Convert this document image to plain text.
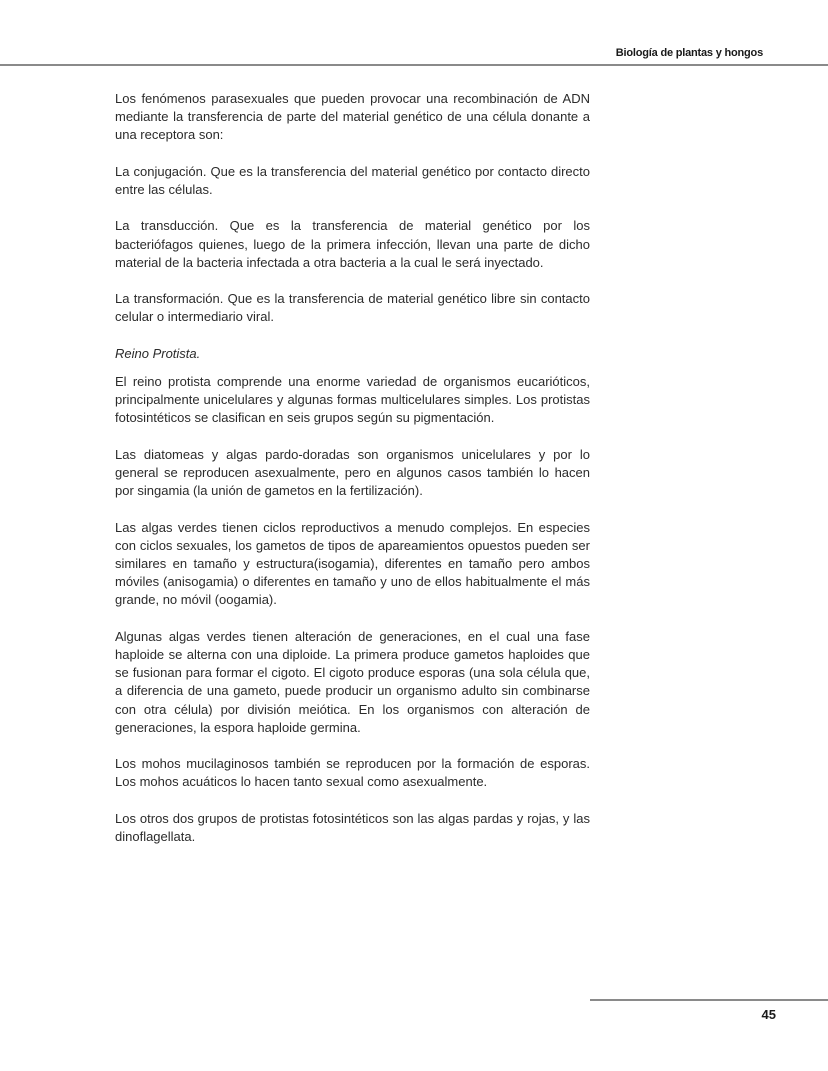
Biología de plantas y hongos

Los fenómenos parasexuales que pueden provocar una recombinación de ADN mediante la transferencia de parte del material genético de una célula donante a una receptora son:

La conjugación. Que es la transferencia del material genético por contacto directo entre las células.

La transducción. Que es la transferencia de material genético por los bacteriófagos quienes, luego de la primera infección, llevan una parte de dicho material de la bacteria infectada a otra bacteria a la cual le será inyectado.

La transformación. Que es la transferencia de material genético libre sin contacto celular o intermediario viral.

Reino Protista.

El reino protista comprende una enorme variedad de organismos eucarióticos, principalmente unicelulares y algunas formas multicelulares simples. Los protistas fotosintéticos se clasifican en seis grupos según su pigmentación.

Las diatomeas y algas pardo-doradas son organismos unicelulares y por lo general se reproducen asexualmente, pero en algunos casos también lo hacen por singamia (la unión de gametos en la fertilización).

Las algas verdes tienen ciclos reproductivos a menudo complejos. En especies con ciclos sexuales, los gametos de tipos de apareamientos opuestos pueden ser similares en tamaño y estructura(isogamia), diferentes en tamaño pero ambos móviles (anisogamia) o diferentes en tamaño y uno de ellos habitualmente el más grande, no móvil (oogamia).

Algunas algas verdes tienen alteración de generaciones, en el cual una fase haploide se alterna con una diploide. La primera produce gametos haploides que se fusionan para formar el cigoto. El cigoto produce esporas (una sola célula que, a diferencia de una gameto, puede producir un organismo adulto sin combinarse con otra célula) por división meiótica. En los organismos con alteración de generaciones, la espora haploide germina.

Los mohos mucilaginosos también se reproducen por la formación de esporas. Los mohos acuáticos lo hacen tanto sexual como asexualmente.

Los otros dos grupos de protistas fotosintéticos son las algas pardas y rojas, y las dinoflagellata.

45
